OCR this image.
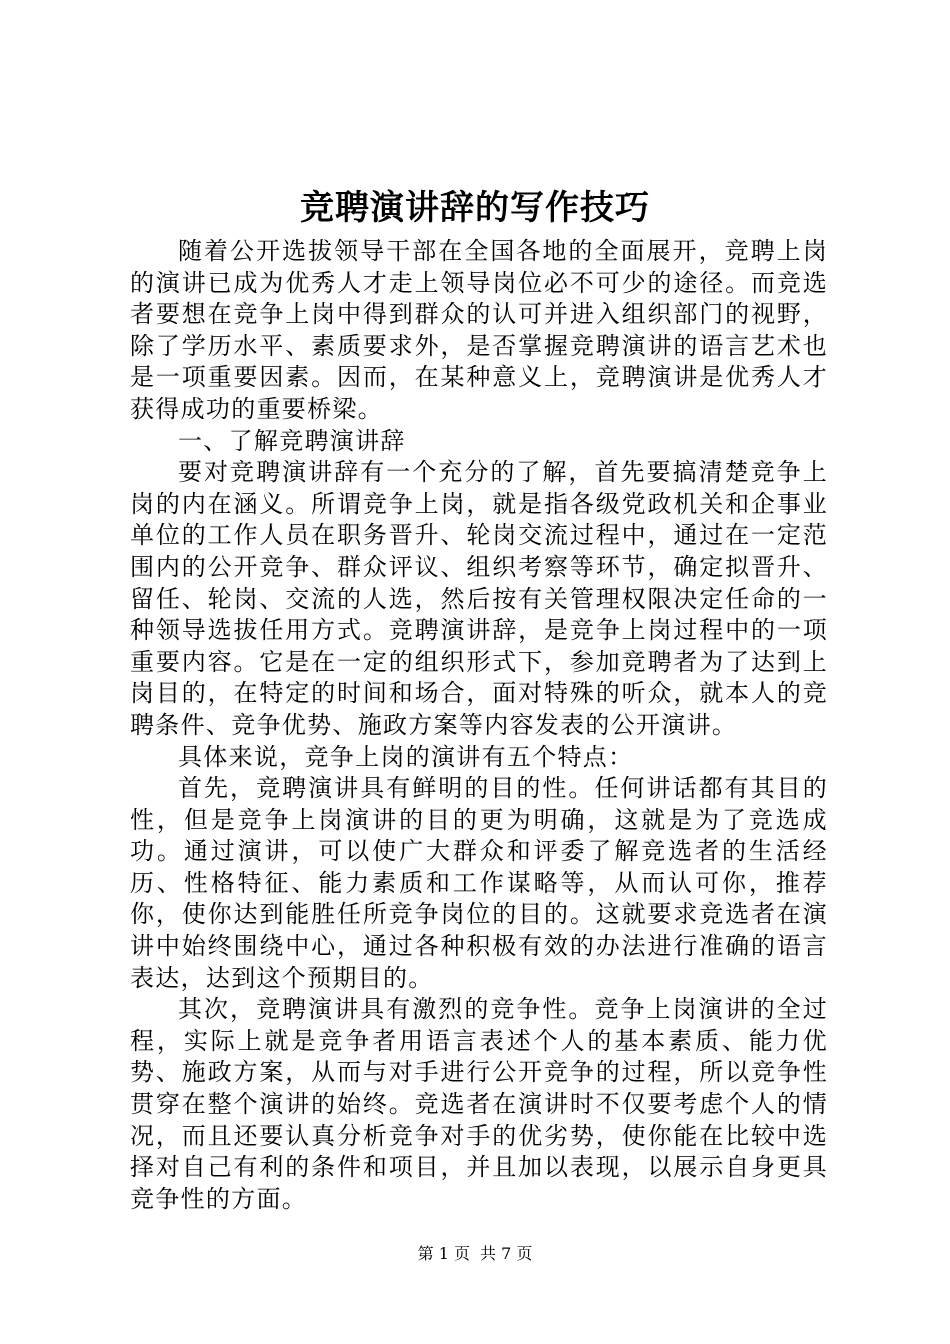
竞聘演讲辞的写作技巧

随着公开选拔领导干部在全国各地的全面展开，竞聘上岗的演讲已成为优秀人才走上领导岗位必不可少的途径。而竞选者要想在竞争上岗中得到群众的认可并进入组织部门的视野，除了学历水平、素质要求外，是否掌握竞聘演讲的语言艺术也是一项重要因素。因而，在某种意义上，竞聘演讲是优秀人才获得成功的重要桥梁。

一、了解竞聘演讲辞

要对竞聘演讲辞有一个充分的了解，首先要搞清楚竞争上岗的内在涵义。所谓竞争上岗，就是指各级党政机关和企事业单位的工作人员在职务晋升、轮岗交流过程中，通过在一定范围内的公开竞争、群众评议、组织考察等环节，确定拟晋升、留任、轮岗、交流的人选，然后按有关管理权限决定任命的一种领导选拔任用方式。竞聘演讲辞，是竞争上岗过程中的一项重要内容。它是在一定的组织形式下，参加竞聘者为了达到上岗目的，在特定的时间和场合，面对特殊的听众，就本人的竞聘条件、竞争优势、施政方案等内容发表的公开演讲。

具体来说，竞争上岗的演讲有五个特点：

首先，竞聘演讲具有鲜明的目的性。任何讲话都有其目的性，但是竞争上岗演讲的目的更为明确，这就是为了竞选成功。通过演讲，可以使广大群众和评委了解竞选者的生活经历、性格特征、能力素质和工作谋略等，从而认可你，推荐你，使你达到能胜任所竞争岗位的目的。这就要求竞选者在演讲中始终围绕中心，通过各种积极有效的办法进行准确的语言表达，达到这个预期目的。

其次，竞聘演讲具有激烈的竞争性。竞争上岗演讲的全过程，实际上就是竞争者用语言表述个人的基本素质、能力优势、施政方案，从而与对手进行公开竞争的过程，所以竞争性贯穿在整个演讲的始终。竞选者在演讲时不仅要考虑个人的情况，而且还要认真分析竞争对手的优劣势，使你能在比较中选择对自己有利的条件和项目，并且加以表现，以展示自身更具竞争性的方面。

第 1 页 共 7 页
